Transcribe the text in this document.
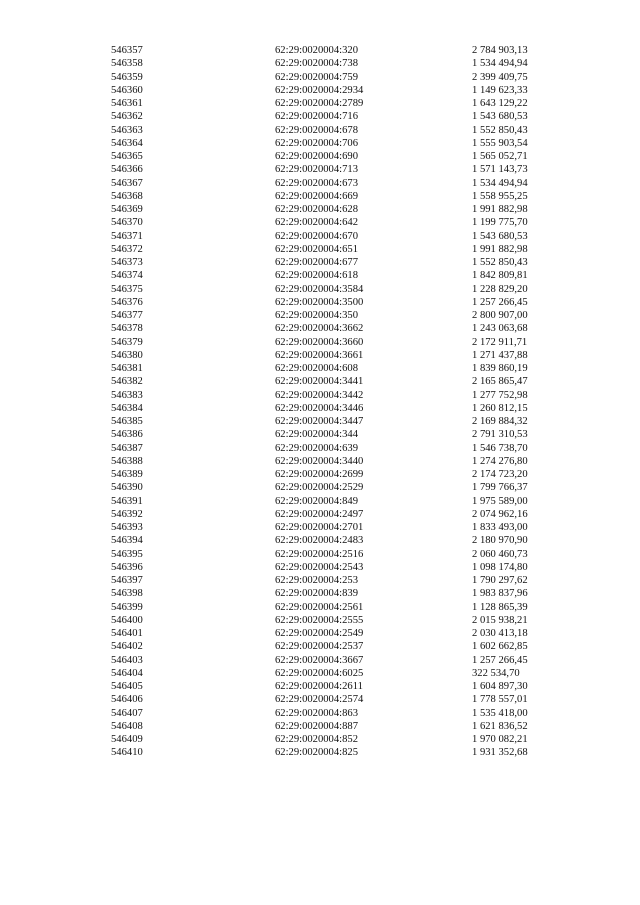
546357	62:29:0020004:320	2 784 903,13
546358	62:29:0020004:738	1 534 494,94
546359	62:29:0020004:759	2 399 409,75
546360	62:29:0020004:2934	1 149 623,33
546361	62:29:0020004:2789	1 643 129,22
546362	62:29:0020004:716	1 543 680,53
546363	62:29:0020004:678	1 552 850,43
546364	62:29:0020004:706	1 555 903,54
546365	62:29:0020004:690	1 565 052,71
546366	62:29:0020004:713	1 571 143,73
546367	62:29:0020004:673	1 534 494,94
546368	62:29:0020004:669	1 558 955,25
546369	62:29:0020004:628	1 991 882,98
546370	62:29:0020004:642	1 199 775,70
546371	62:29:0020004:670	1 543 680,53
546372	62:29:0020004:651	1 991 882,98
546373	62:29:0020004:677	1 552 850,43
546374	62:29:0020004:618	1 842 809,81
546375	62:29:0020004:3584	1 228 829,20
546376	62:29:0020004:3500	1 257 266,45
546377	62:29:0020004:350	2 800 907,00
546378	62:29:0020004:3662	1 243 063,68
546379	62:29:0020004:3660	2 172 911,71
546380	62:29:0020004:3661	1 271 437,88
546381	62:29:0020004:608	1 839 860,19
546382	62:29:0020004:3441	2 165 865,47
546383	62:29:0020004:3442	1 277 752,98
546384	62:29:0020004:3446	1 260 812,15
546385	62:29:0020004:3447	2 169 884,32
546386	62:29:0020004:344	2 791 310,53
546387	62:29:0020004:639	1 546 738,70
546388	62:29:0020004:3440	1 274 276,80
546389	62:29:0020004:2699	2 174 723,20
546390	62:29:0020004:2529	1 799 766,37
546391	62:29:0020004:849	1 975 589,00
546392	62:29:0020004:2497	2 074 962,16
546393	62:29:0020004:2701	1 833 493,00
546394	62:29:0020004:2483	2 180 970,90
546395	62:29:0020004:2516	2 060 460,73
546396	62:29:0020004:2543	1 098 174,80
546397	62:29:0020004:253	1 790 297,62
546398	62:29:0020004:839	1 983 837,96
546399	62:29:0020004:2561	1 128 865,39
546400	62:29:0020004:2555	2 015 938,21
546401	62:29:0020004:2549	2 030 413,18
546402	62:29:0020004:2537	1 602 662,85
546403	62:29:0020004:3667	1 257 266,45
546404	62:29:0020004:6025	322 534,70
546405	62:29:0020004:2611	1 604 897,30
546406	62:29:0020004:2574	1 778 557,01
546407	62:29:0020004:863	1 535 418,00
546408	62:29:0020004:887	1 621 836,52
546409	62:29:0020004:852	1 970 082,21
546410	62:29:0020004:825	1 931 352,68
